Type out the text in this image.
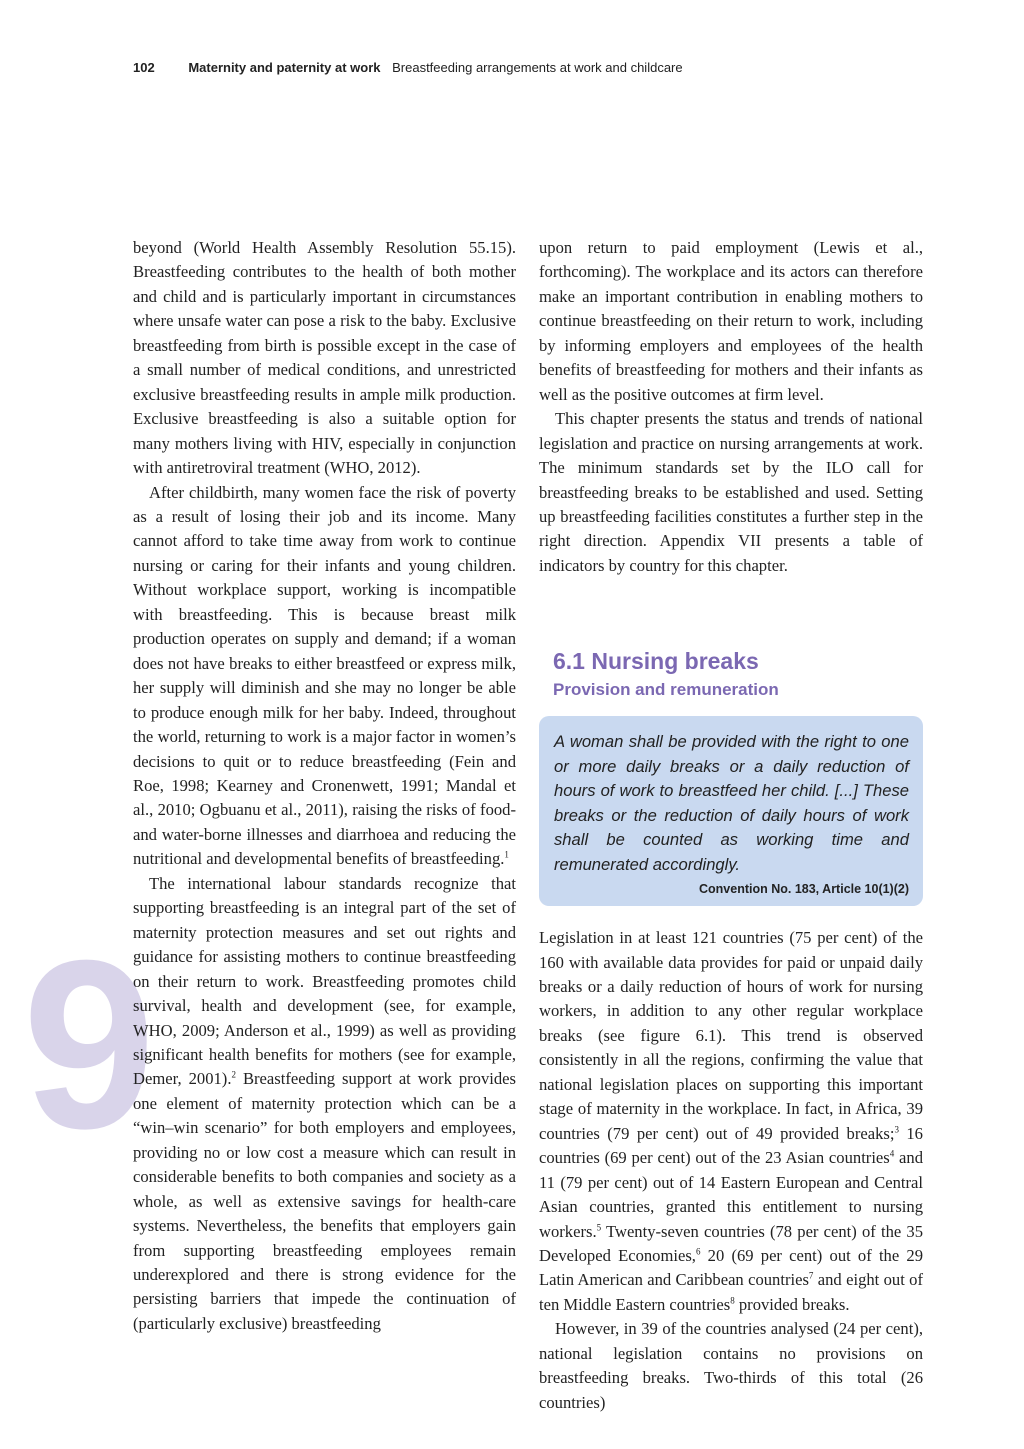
102	Maternity and paternity at work Breastfeeding arrangements at work and childcare
6

beyond (World Health Assembly Resolution 55.15). Breastfeeding contributes to the health of both mother and child and is particularly important in circumstances where unsafe water can pose a risk to the baby. Exclusive breastfeeding from birth is possible except in the case of a small number of medical conditions, and unrestricted exclusive breastfeeding results in ample milk production. Exclusive breastfeeding is also a suitable option for many mothers living with HIV, especially in conjunction with antiretroviral treatment (WHO, 2012).

After childbirth, many women face the risk of poverty as a result of losing their job and its income. Many cannot afford to take time away from work to continue nursing or caring for their infants and young children. Without workplace support, working is incompatible with breastfeeding. This is because breast milk production operates on supply and demand; if a woman does not have breaks to either breastfeed or express milk, her supply will diminish and she may no longer be able to produce enough milk for her baby. Indeed, throughout the world, returning to work is a major factor in women’s decisions to quit or to reduce breastfeeding (Fein and Roe, 1998; Kearney and Cronenwett, 1991; Mandal et al., 2010; Ogbuanu et al., 2011), raising the risks of food- and water-borne illnesses and diarrhoea and reducing the nutritional and developmental benefits of breastfeeding.$^1$

The international labour standards recognize that supporting breastfeeding is an integral part of the set of maternity protection measures and set out rights and guidance for assisting mothers to continue breastfeeding on their return to work. Breastfeeding promotes child survival, health and development (see, for example, WHO, 2009; Anderson et al., 1999) as well as providing significant health benefits for mothers (see for example, Demer, 2001).$^2$ Breastfeeding support at work provides one element of maternity protection which can be a “win–win scenario” for both employers and employees, providing no or low cost a measure which can result in considerable benefits to both companies and society as a whole, as well as extensive savings for health-care systems. Nevertheless, the benefits that employers gain from supporting breastfeeding employees remain underexplored and there is strong evidence for the persisting barriers that impede the continuation of (particularly exclusive) breastfeeding

upon return to paid employment (Lewis et al., forthcoming). The workplace and its actors can therefore make an important contribution in enabling mothers to continue breastfeeding on their return to work, including by informing employers and employees of the health benefits of breastfeeding for mothers and their infants as well as the positive outcomes at firm level.

This chapter presents the status and trends of national legislation and practice on nursing arrangements at work. The minimum standards set by the ILO call for breastfeeding breaks to be established and used. Setting up breastfeeding facilities constitutes a further step in the right direction. Appendix VII presents a table of indicators by country for this chapter.

6.1 Nursing breaks
Provision and remuneration

A woman shall be provided with the right to one or more daily breaks or a daily reduction of hours of work to breastfeed her child. [...] These breaks or the reduction of daily hours of work shall be counted as working time and remunerated accordingly.

Convention No. 183, Article 10(1)(2)

Legislation in at least 121 countries (75 per cent) of the 160 with available data provides for paid or unpaid daily breaks or a daily reduction of hours of work for nursing workers, in addition to any other regular workplace breaks (see figure 6.1). This trend is observed consistently in all the regions, confirming the value that national legislation places on supporting this important stage of maternity in the workplace. In fact, in Africa, 39 countries (79 per cent) out of 49 provided breaks;$^3$ 16 countries (69 per cent) out of the 23 Asian countries$^4$ and 11 (79 per cent) out of 14 Eastern European and Central Asian countries, granted this entitlement to nursing workers.$^5$ Twenty-seven countries (78 per cent) of the 35 Developed Economies,$^6$ 20 (69 per cent) out of the 29 Latin American and Caribbean countries$^7$ and eight out of ten Middle Eastern countries$^8$ provided breaks.

However, in 39 of the countries analysed (24 per cent), national legislation contains no provisions on breastfeeding breaks. Two-thirds of this total (26 countries)
